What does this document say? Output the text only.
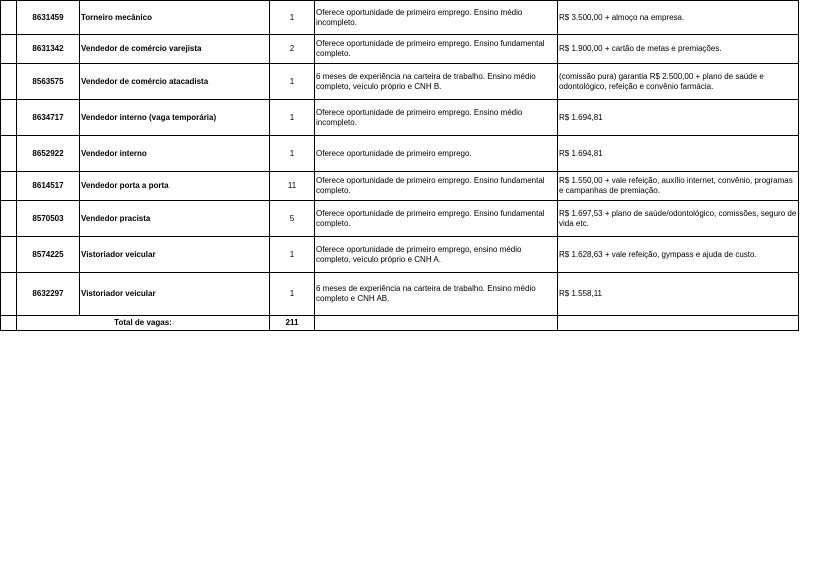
	8631459	Torneiro mecânico	1	Oferece oportunidade de primeiro emprego. Ensino médio incompleto.	R$ 3.500,00 + almoço na empresa.
	8631342	Vendedor de comércio varejista	2	Oferece oportunidade de primeiro emprego. Ensino fundamental completo.	R$ 1.900,00 + cartão de metas e premiações.
	8563575	Vendedor de comércio atacadista	1	6 meses de experiência na carteira de trabalho. Ensino médio completo, veículo próprio e CNH B.	(comissão pura) garantia R$ 2.500,00 + plano de saúde e odontológico, refeição e convênio farmácia.
	8634717	Vendedor interno (vaga temporária)	1	Oferece oportunidade de primeiro emprego. Ensino médio incompleto.	R$ 1.694,81
	8652922	Vendedor interno	1	Oferece oportunidade de primeiro emprego.	R$ 1.694,81
	8614517	Vendedor porta a porta	11	Oferece oportunidade de primeiro emprego. Ensino fundamental completo.	R$ 1.550,00 + vale refeição, auxílio internet, convênio, programas e campanhas de premiação.
	8570503	Vendedor pracista	5	Oferece oportunidade de primeiro emprego. Ensino fundamental completo.	R$ 1.697,53 + plano de saúde/odontológico, comissões, seguro de vida etc.
	8574225	Vistoriador veicular	1	Oferece oportunidade de primeiro emprego, ensino médio completo, veículo próprio e CNH A.	R$ 1.628,63 + vale refeição, gympass e ajuda de custo.
	8632297	Vistoriador veicular	1	6 meses de experiência na carteira de trabalho. Ensino médio completo e CNH AB.	R$ 1.558,11
	Total de vagas:		211		
